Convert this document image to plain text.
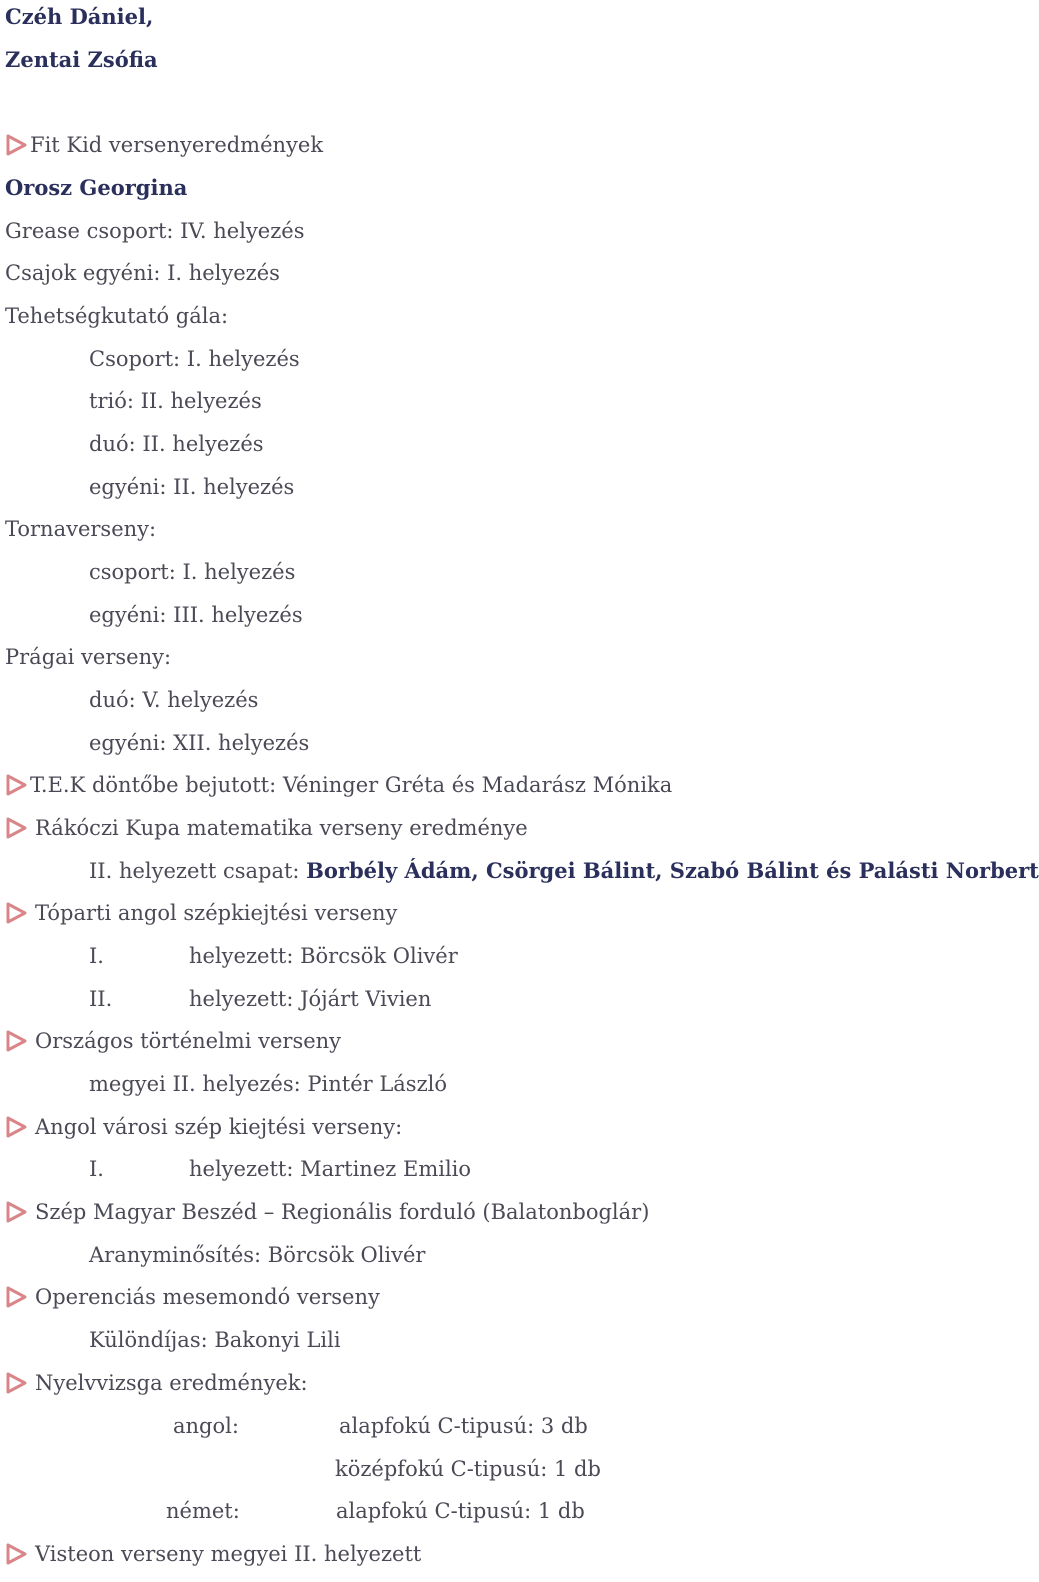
Czéh Dániel,
Zentai Zsófia
Fit Kid versenyeredmények
Orosz Georgina
Grease csoport: IV. helyezés
Csajok egyéni: I. helyezés
Tehetségkutató gála:
Csoport: I. helyezés
trió: II. helyezés
duó: II. helyezés
egyéni: II. helyezés
Tornaverseny:
csoport: I. helyezés
egyéni: III. helyezés
Prágai verseny:
duó: V. helyezés
egyéni: XII. helyezés
T.E.K döntőbe bejutott: Véninger Gréta és Madarász Mónika
Rákóczi Kupa matematika verseny eredménye
II. helyezett csapat: Borbély Ádám, Csörgei Bálint, Szabó Bálint és Palásti Norbert
Tóparti angol szépkiejtési verseny
I.	helyezett: Börcsök Olivér
II.	helyezett: Jójárt Vivien
Országos történelmi verseny
megyei II. helyezés: Pintér László
Angol városi szép kiejtési verseny:
I.	helyezett: Martinez Emilio
Szép Magyar Beszéd – Regionális forduló (Balatonboglár)
Aranyminősítés: Börcsök Olivér
Operenciás mesemondó verseny
Különdíjas: Bakonyi Lili
Nyelvvizsga eredmények:
angol:	alapfokú C-tipusú: 3 db
középfokú C-tipusú: 1 db
német:	alapfokú C-tipusú: 1 db
Visteon verseny megyei II. helyezett
